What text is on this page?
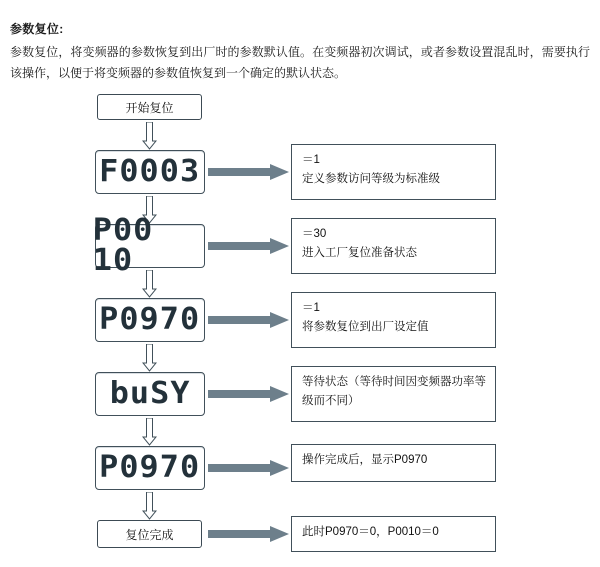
参数复位:
参数复位，将变频器的参数恢复到出厂时的参数默认值。在变频器初次调试，或者参数设置混乱时，需要执行该操作，以便于将变频器的参数值恢复到一个确定的默认状态。
开始复位
F0003	＝1
定义参数访问等级为标准级
P00 10
＝30
进入工厂复位准备状态
P0970	＝1
将参数复位到出厂设定值
buSY	等待状态（等待时间因变频器功率等级而不同）
P0970	操作完成后，显示P0970
复位完成	此时P0970＝0，P0010＝0
